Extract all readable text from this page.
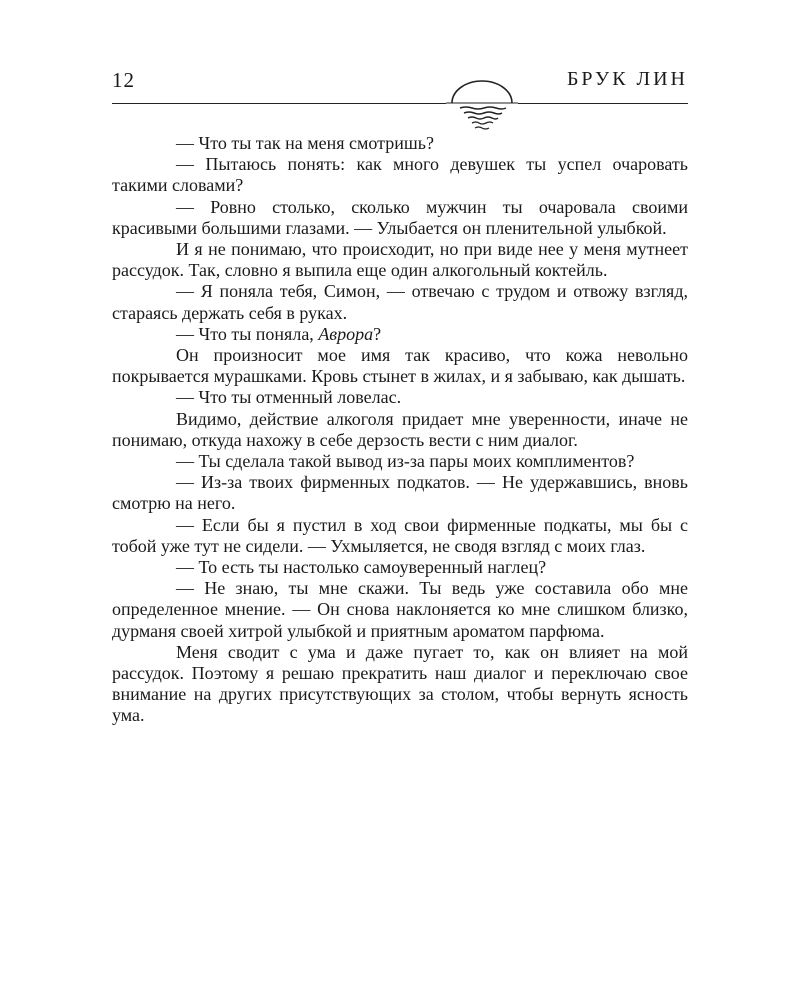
12	БРУК ЛИН

— Что ты так на меня смотришь?

— Пытаюсь понять: как много девушек ты успел очаровать такими словами?

— Ровно столько, сколько мужчин ты очаровала своими красивыми большими глазами. — Улыбается он пленительной улыбкой.

И я не понимаю, что происходит, но при виде нее у меня мутнеет рассудок. Так, словно я выпила еще один алкогольный коктейль.

— Я поняла тебя, Симон, — отвечаю с трудом и отвожу взгляд, стараясь держать себя в руках.

— Что ты поняла, Аврора?

Он произносит мое имя так красиво, что кожа невольно покрывается мурашками. Кровь стынет в жилах, и я забываю, как дышать.

— Что ты отменный ловелас.

Видимо, действие алкоголя придает мне уверенности, иначе не понимаю, откуда нахожу в себе дерзость вести с ним диалог.

— Ты сделала такой вывод из-за пары моих комплиментов?

— Из-за твоих фирменных подкатов. — Не удержавшись, вновь смотрю на него.

— Если бы я пустил в ход свои фирменные подкаты, мы бы с тобой уже тут не сидели. — Ухмыляется, не сводя взгляд с моих глаз.

— То есть ты настолько самоуверенный наглец?

— Не знаю, ты мне скажи. Ты ведь уже составила обо мне определенное мнение. — Он снова наклоняется ко мне слишком близко, дурманя своей хитрой улыбкой и приятным ароматом парфюма.

Меня сводит с ума и даже пугает то, как он влияет на мой рассудок. Поэтому я решаю прекратить наш диалог и переключаю свое внимание на других присутствующих за столом, чтобы вернуть ясность ума.
